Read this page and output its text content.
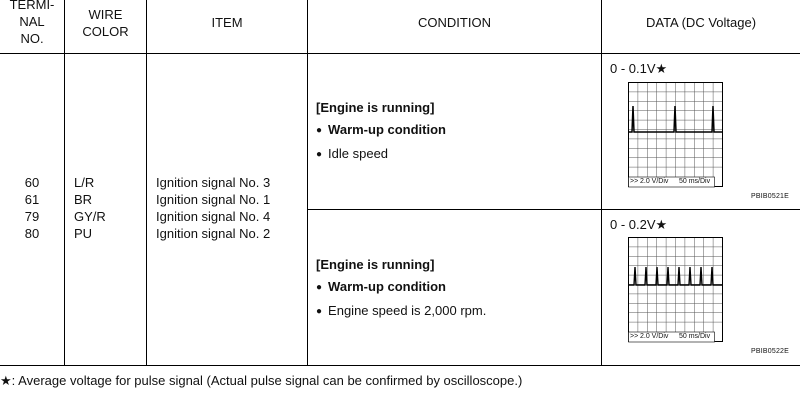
TERMI-
NAL
NO.
WIRE
COLOR
ITEM	CONDITION	DATA (DC Voltage)
60
61
79
80
L/R
BR
GY/R
PU
Ignition signal No. 3
Ignition signal No. 1
Ignition signal No. 4
Ignition signal No. 2
[Engine is running]
● Warm-up condition
● Idle speed
[Engine is running]
● Warm-up condition
● Engine speed is 2,000 rpm.
0 - 0.1V★
>> 2.0 V/Div 50 ms/Div
PBIB0521E
0 - 0.2V★
>> 2.0 V/Div 50 ms/Div
PBIB0522E
★: Average voltage for pulse signal (Actual pulse signal can be confirmed by oscilloscope.)
